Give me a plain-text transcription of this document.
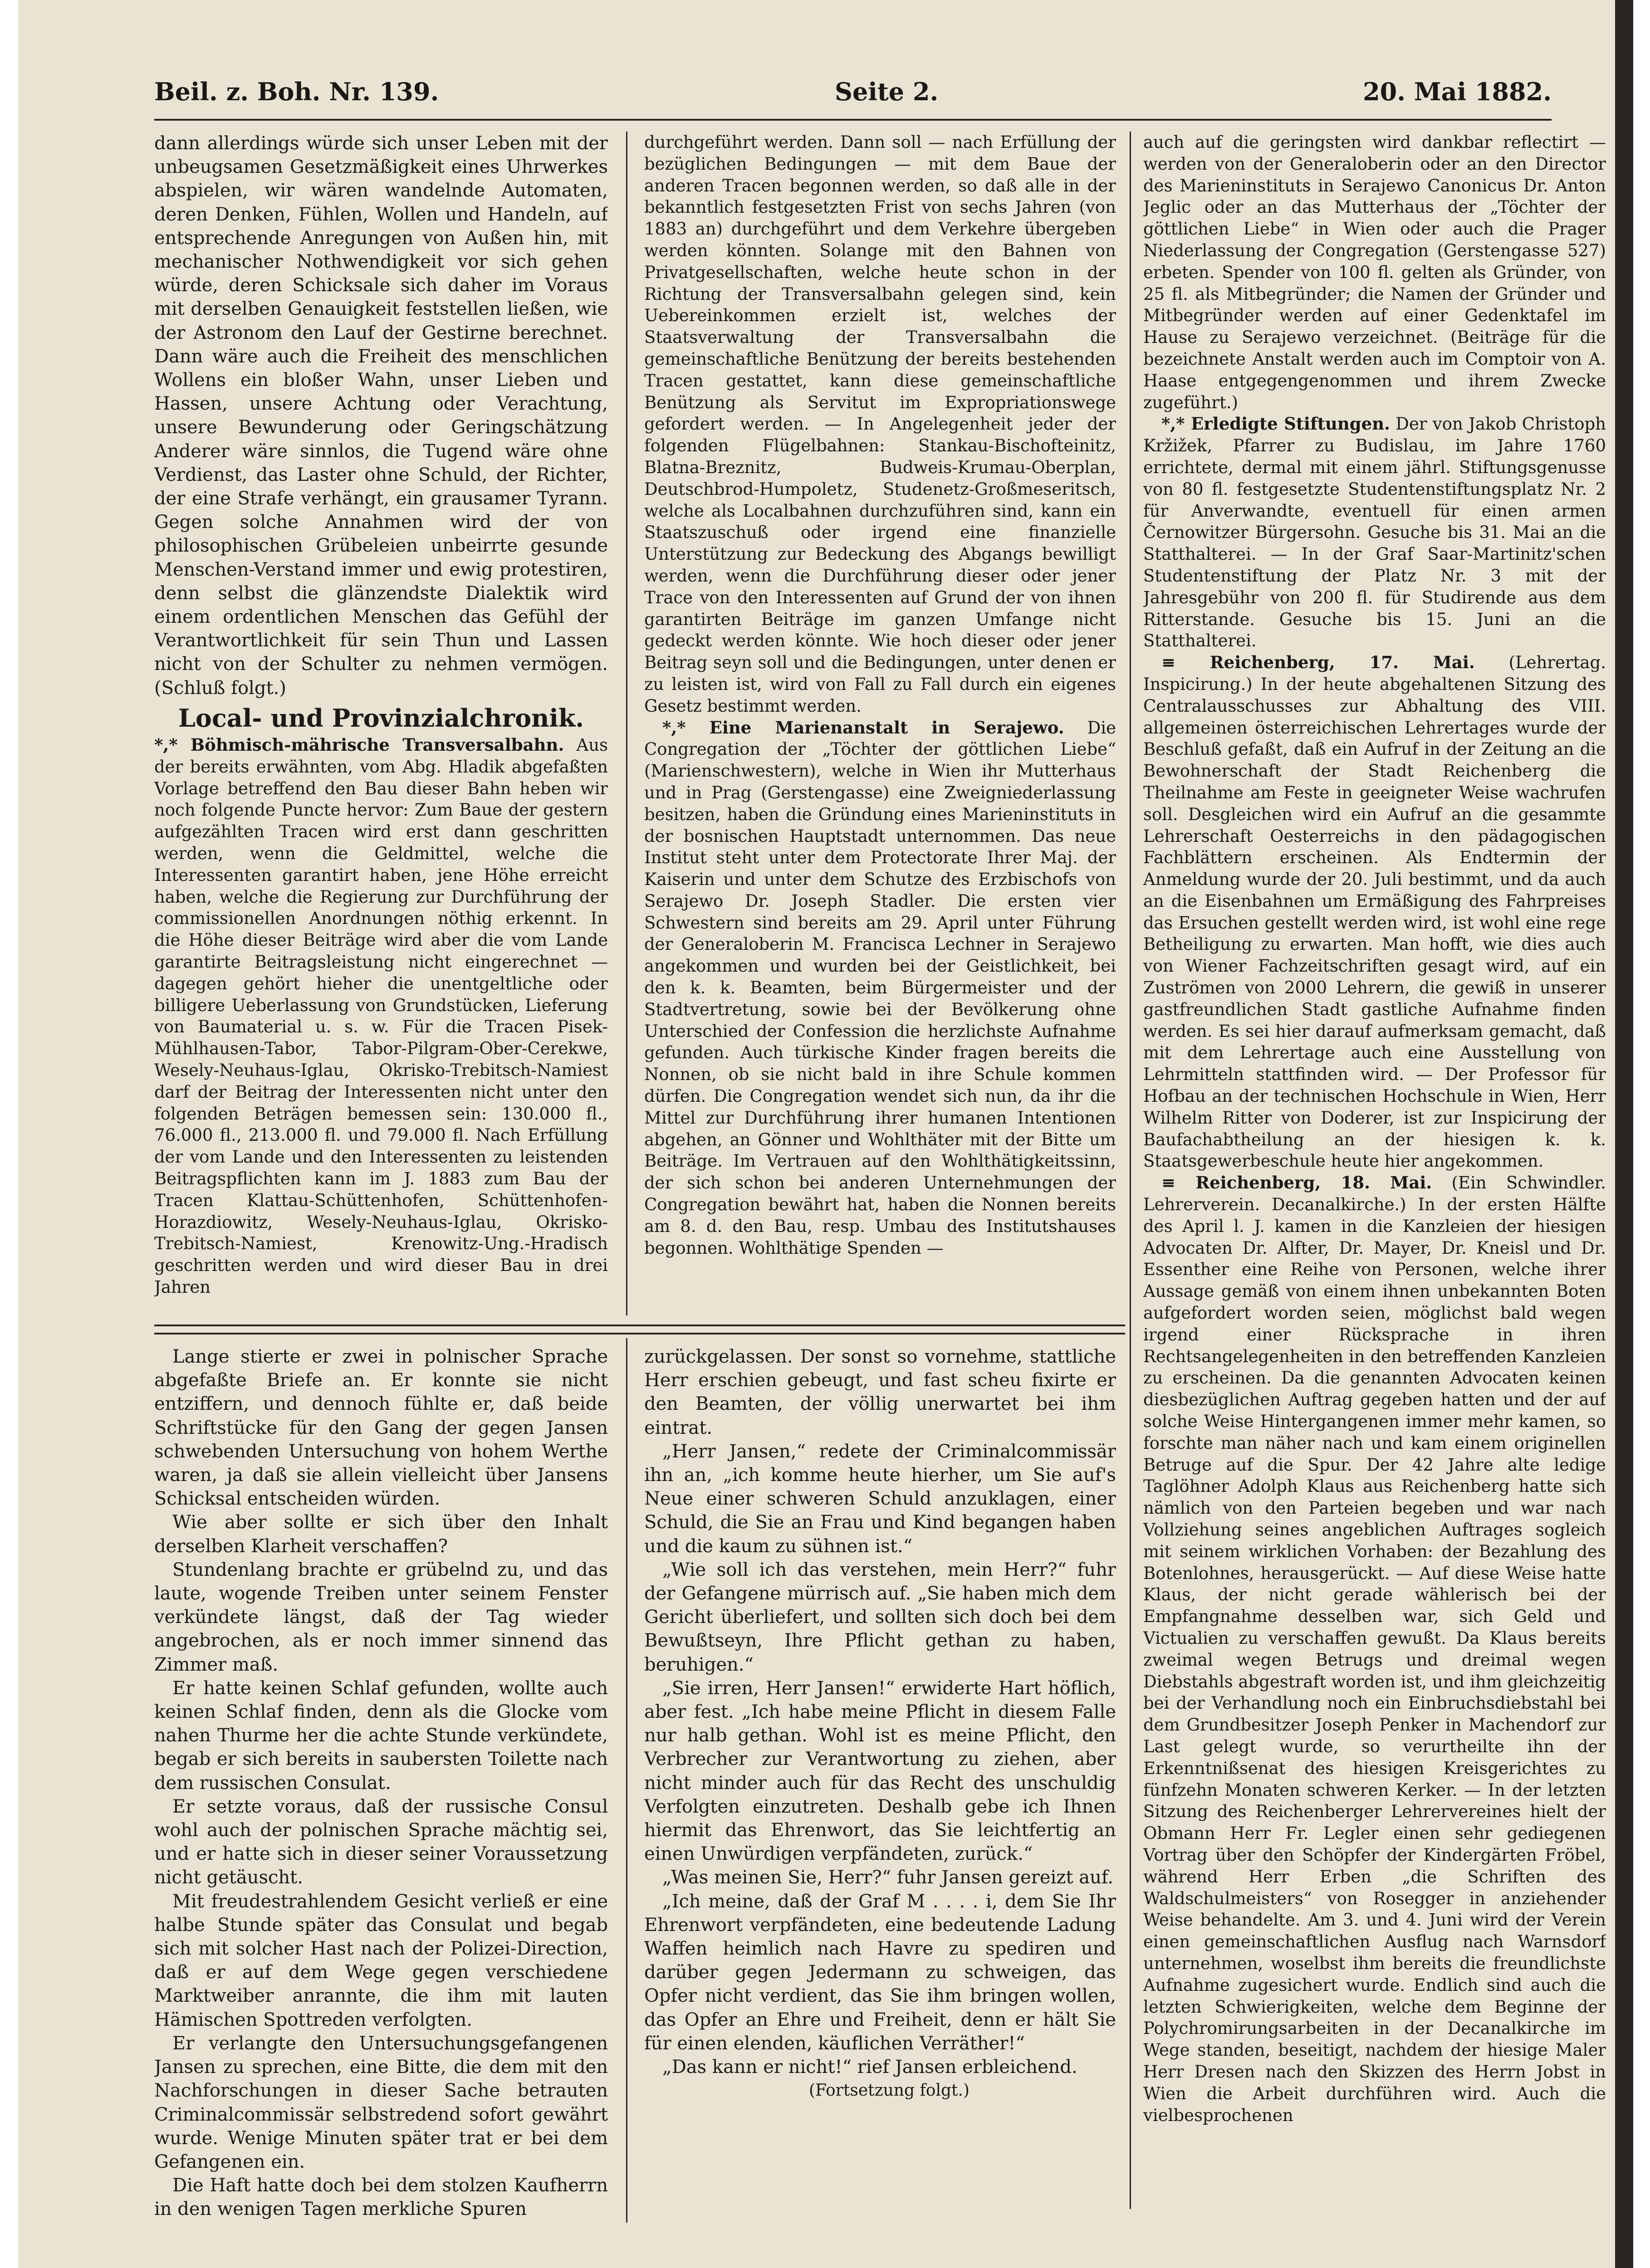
Beil. z. Boh. Nr. 139.	Seite 2.	20. Mai 1882.

dann allerdings würde sich unser Leben mit der unbeugsamen Gesetzmäßigkeit eines Uhrwerkes abspielen, wir wären wandelnde Automaten, deren Denken, Fühlen, Wollen und Handeln, auf entsprechende Anregungen von Außen hin, mit mechanischer Nothwendigkeit vor sich gehen würde, deren Schicksale sich daher im Voraus mit derselben Genauigkeit feststellen ließen, wie der Astronom den Lauf der Gestirne berechnet. Dann wäre auch die Freiheit des menschlichen Wollens ein bloßer Wahn, unser Lieben und Hassen, unsere Achtung oder Verachtung, unsere Bewunderung oder Geringschätzung Anderer wäre sinnlos, die Tugend wäre ohne Verdienst, das Laster ohne Schuld, der Richter, der eine Strafe verhängt, ein grausamer Tyrann. Gegen solche Annahmen wird der von philosophischen Grübeleien unbeirrte gesunde Menschen-Verstand immer und ewig protestiren, denn selbst die glänzendste Dialektik wird einem ordentlichen Menschen das Gefühl der Verantwortlichkeit für sein Thun und Lassen nicht von der Schulter zu nehmen vermögen. (Schluß folgt.)

Local- und Provinzialchronik.

*,* Böhmisch-mährische Transversalbahn. Aus der bereits erwähnten, vom Abg. Hladik abgefaßten Vorlage betreffend den Bau dieser Bahn heben wir noch folgende Puncte hervor: Zum Baue der gestern aufgezählten Tracen wird erst dann geschritten werden, wenn die Geldmittel, welche die Interessenten garantirt haben, jene Höhe erreicht haben, welche die Regierung zur Durchführung der commissionellen Anordnungen nöthig erkennt. In die Höhe dieser Beiträge wird aber die vom Lande garantirte Beitragsleistung nicht eingerechnet — dagegen gehört hieher die unentgeltliche oder billigere Ueberlassung von Grundstücken, Lieferung von Baumaterial u. s. w. Für die Tracen Pisek-Mühlhausen-Tabor, Tabor-Pilgram-Ober-Cerekwe, Wesely-Neuhaus-Iglau, Okrisko-Trebitsch-Namiest darf der Beitrag der Interessenten nicht unter den folgenden Beträgen bemessen sein: 130.000 fl., 76.000 fl., 213.000 fl. und 79.000 fl. Nach Erfüllung der vom Lande und den Interessenten zu leistenden Beitragspflichten kann im J. 1883 zum Bau der Tracen Klattau-Schüttenhofen, Schüttenhofen-Horazdiowitz, Wesely-Neuhaus-Iglau, Okrisko-Trebitsch-Namiest, Krenowitz-Ung.-Hradisch geschritten werden und wird dieser Bau in drei Jahren

durchgeführt werden. Dann soll — nach Erfüllung der bezüglichen Bedingungen — mit dem Baue der anderen Tracen begonnen werden, so daß alle in der bekanntlich festgesetzten Frist von sechs Jahren (von 1883 an) durchgeführt und dem Verkehre übergeben werden könnten. Solange mit den Bahnen von Privatgesellschaften, welche heute schon in der Richtung der Transversalbahn gelegen sind, kein Uebereinkommen erzielt ist, welches der Staatsverwaltung der Transversalbahn die gemeinschaftliche Benützung der bereits bestehenden Tracen gestattet, kann diese gemeinschaftliche Benützung als Servitut im Expropriationswege gefordert werden. — In Angelegenheit jeder der folgenden Flügelbahnen: Stankau-Bischofteinitz, Blatna-Breznitz, Budweis-Krumau-Oberplan, Deutschbrod-Humpoletz, Studenetz-Großmeseritsch, welche als Localbahnen durchzuführen sind, kann ein Staatszuschuß oder irgend eine finanzielle Unterstützung zur Bedeckung des Abgangs bewilligt werden, wenn die Durchführung dieser oder jener Trace von den Interessenten auf Grund der von ihnen garantirten Beiträge im ganzen Umfange nicht gedeckt werden könnte. Wie hoch dieser oder jener Beitrag seyn soll und die Bedingungen, unter denen er zu leisten ist, wird von Fall zu Fall durch ein eigenes Gesetz bestimmt werden.

*,* Eine Marienanstalt in Serajewo. Die Congregation der „Töchter der göttlichen Liebe“ (Marienschwestern), welche in Wien ihr Mutterhaus und in Prag (Gerstengasse) eine Zweigniederlassung besitzen, haben die Gründung eines Marieninstituts in der bosnischen Hauptstadt unternommen. Das neue Institut steht unter dem Protectorate Ihrer Maj. der Kaiserin und unter dem Schutze des Erzbischofs von Serajewo Dr. Joseph Stadler. Die ersten vier Schwestern sind bereits am 29. April unter Führung der Generaloberin M. Francisca Lechner in Serajewo angekommen und wurden bei der Geistlichkeit, bei den k. k. Beamten, beim Bürgermeister und der Stadtvertretung, sowie bei der Bevölkerung ohne Unterschied der Confession die herzlichste Aufnahme gefunden. Auch türkische Kinder fragen bereits die Nonnen, ob sie nicht bald in ihre Schule kommen dürfen. Die Congregation wendet sich nun, da ihr die Mittel zur Durchführung ihrer humanen Intentionen abgehen, an Gönner und Wohlthäter mit der Bitte um Beiträge. Im Vertrauen auf den Wohlthätigkeitssinn, der sich schon bei anderen Unternehmungen der Congregation bewährt hat, haben die Nonnen bereits am 8. d. den Bau, resp. Umbau des Institutshauses begonnen. Wohlthätige Spenden —

auch auf die geringsten wird dankbar reflectirt — werden von der Generaloberin oder an den Director des Marieninstituts in Serajewo Canonicus Dr. Anton Jeglic oder an das Mutterhaus der „Töchter der göttlichen Liebe“ in Wien oder auch die Prager Niederlassung der Congregation (Gerstengasse 527) erbeten. Spender von 100 fl. gelten als Gründer, von 25 fl. als Mitbegründer; die Namen der Gründer und Mitbegründer werden auf einer Gedenktafel im Hause zu Serajewo verzeichnet. (Beiträge für die bezeichnete Anstalt werden auch im Comptoir von A. Haase entgegengenommen und ihrem Zwecke zugeführt.)

*,* Erledigte Stiftungen. Der von Jakob Christoph Kržižek, Pfarrer zu Budislau, im Jahre 1760 errichtete, dermal mit einem jährl. Stiftungsgenusse von 80 fl. festgesetzte Studentenstiftungsplatz Nr. 2 für Anverwandte, eventuell für einen armen Černowitzer Bürgersohn. Gesuche bis 31. Mai an die Statthalterei. — In der Graf Saar-Martinitz'schen Studentenstiftung der Platz Nr. 3 mit der Jahresgebühr von 200 fl. für Studirende aus dem Ritterstande. Gesuche bis 15. Juni an die Statthalterei.

≡ Reichenberg, 17. Mai. (Lehrertag. Inspicirung.) In der heute abgehaltenen Sitzung des Centralausschusses zur Abhaltung des VIII. allgemeinen österreichischen Lehrertages wurde der Beschluß gefaßt, daß ein Aufruf in der Zeitung an die Bewohnerschaft der Stadt Reichenberg die Theilnahme am Feste in geeigneter Weise wachrufen soll. Desgleichen wird ein Aufruf an die gesammte Lehrerschaft Oesterreichs in den pädagogischen Fachblättern erscheinen. Als Endtermin der Anmeldung wurde der 20. Juli bestimmt, und da auch an die Eisenbahnen um Ermäßigung des Fahrpreises das Ersuchen gestellt werden wird, ist wohl eine rege Betheiligung zu erwarten. Man hofft, wie dies auch von Wiener Fachzeitschriften gesagt wird, auf ein Zuströmen von 2000 Lehrern, die gewiß in unserer gastfreundlichen Stadt gastliche Aufnahme finden werden. Es sei hier darauf aufmerksam gemacht, daß mit dem Lehrertage auch eine Ausstellung von Lehrmitteln stattfinden wird. — Der Professor für Hofbau an der technischen Hochschule in Wien, Herr Wilhelm Ritter von Doderer, ist zur Inspicirung der Baufachabtheilung an der hiesigen k. k. Staatsgewerbeschule heute hier angekommen.

≡ Reichenberg, 18. Mai. (Ein Schwindler. Lehrerverein. Decanalkirche.) In der ersten Hälfte des April l. J. kamen in die Kanzleien der hiesigen Advocaten Dr. Alfter, Dr. Mayer, Dr. Kneisl und Dr. Essenther eine Reihe von Personen, welche ihrer Aussage gemäß von einem ihnen unbekannten Boten aufgefordert worden seien, möglichst bald wegen irgend einer Rücksprache in ihren Rechtsangelegenheiten in den betreffenden Kanzleien zu erscheinen. Da die genannten Advocaten keinen diesbezüglichen Auftrag gegeben hatten und der auf solche Weise Hintergangenen immer mehr kamen, so forschte man näher nach und kam einem originellen Betruge auf die Spur. Der 42 Jahre alte ledige Taglöhner Adolph Klaus aus Reichenberg hatte sich nämlich von den Parteien begeben und war nach Vollziehung seines angeblichen Auftrages sogleich mit seinem wirklichen Vorhaben: der Bezahlung des Botenlohnes, herausgerückt. — Auf diese Weise hatte Klaus, der nicht gerade wählerisch bei der Empfangnahme desselben war, sich Geld und Victualien zu verschaffen gewußt. Da Klaus bereits zweimal wegen Betrugs und dreimal wegen Diebstahls abgestraft worden ist, und ihm gleichzeitig bei der Verhandlung noch ein Einbruchsdiebstahl bei dem Grundbesitzer Joseph Penker in Machendorf zur Last gelegt wurde, so verurtheilte ihn der Erkenntnißsenat des hiesigen Kreisgerichtes zu fünfzehn Monaten schweren Kerker. — In der letzten Sitzung des Reichenberger Lehrervereines hielt der Obmann Herr Fr. Legler einen sehr gediegenen Vortrag über den Schöpfer der Kindergärten Fröbel, während Herr Erben „die Schriften des Waldschulmeisters“ von Rosegger in anziehender Weise behandelte. Am 3. und 4. Juni wird der Verein einen gemeinschaftlichen Ausflug nach Warnsdorf unternehmen, woselbst ihm bereits die freundlichste Aufnahme zugesichert wurde. Endlich sind auch die letzten Schwierigkeiten, welche dem Beginne der Polychromirungsarbeiten in der Decanalkirche im Wege standen, beseitigt, nachdem der hiesige Maler Herr Dresen nach den Skizzen des Herrn Jobst in Wien die Arbeit durchführen wird. Auch die vielbesprochenen

Lange stierte er zwei in polnischer Sprache abgefaßte Briefe an. Er konnte sie nicht entziffern, und dennoch fühlte er, daß beide Schriftstücke für den Gang der gegen Jansen schwebenden Untersuchung von hohem Werthe waren, ja daß sie allein vielleicht über Jansens Schicksal entscheiden würden.

Wie aber sollte er sich über den Inhalt derselben Klarheit verschaffen?

Stundenlang brachte er grübelnd zu, und das laute, wogende Treiben unter seinem Fenster verkündete längst, daß der Tag wieder angebrochen, als er noch immer sinnend das Zimmer maß.

Er hatte keinen Schlaf gefunden, wollte auch keinen Schlaf finden, denn als die Glocke vom nahen Thurme her die achte Stunde verkündete, begab er sich bereits in saubersten Toilette nach dem russischen Consulat.

Er setzte voraus, daß der russische Consul wohl auch der polnischen Sprache mächtig sei, und er hatte sich in dieser seiner Voraussetzung nicht getäuscht.

Mit freudestrahlendem Gesicht verließ er eine halbe Stunde später das Consulat und begab sich mit solcher Hast nach der Polizei-Direction, daß er auf dem Wege gegen verschiedene Marktweiber anrannte, die ihm mit lauten Hämischen Spottreden verfolgten.

Er verlangte den Untersuchungsgefangenen Jansen zu sprechen, eine Bitte, die dem mit den Nachforschungen in dieser Sache betrauten Criminalcommissär selbstredend sofort gewährt wurde. Wenige Minuten später trat er bei dem Gefangenen ein.

Die Haft hatte doch bei dem stolzen Kaufherrn in den wenigen Tagen merkliche Spuren

zurückgelassen. Der sonst so vornehme, stattliche Herr erschien gebeugt, und fast scheu fixirte er den Beamten, der völlig unerwartet bei ihm eintrat.

„Herr Jansen,“ redete der Criminalcommissär ihn an, „ich komme heute hierher, um Sie auf's Neue einer schweren Schuld anzuklagen, einer Schuld, die Sie an Frau und Kind begangen haben und die kaum zu sühnen ist.“

„Wie soll ich das verstehen, mein Herr?“ fuhr der Gefangene mürrisch auf. „Sie haben mich dem Gericht überliefert, und sollten sich doch bei dem Bewußtseyn, Ihre Pflicht gethan zu haben, beruhigen.“

„Sie irren, Herr Jansen!“ erwiderte Hart höflich, aber fest. „Ich habe meine Pflicht in diesem Falle nur halb gethan. Wohl ist es meine Pflicht, den Verbrecher zur Verantwortung zu ziehen, aber nicht minder auch für das Recht des unschuldig Verfolgten einzutreten. Deshalb gebe ich Ihnen hiermit das Ehrenwort, das Sie leichtfertig an einen Unwürdigen verpfändeten, zurück.“

„Was meinen Sie, Herr?“ fuhr Jansen gereizt auf.

„Ich meine, daß der Graf M . . . . i, dem Sie Ihr Ehrenwort verpfändeten, eine bedeutende Ladung Waffen heimlich nach Havre zu spediren und darüber gegen Jedermann zu schweigen, das Opfer nicht verdient, das Sie ihm bringen wollen, das Opfer an Ehre und Freiheit, denn er hält Sie für einen elenden, käuflichen Verräther!“

„Das kann er nicht!“ rief Jansen erbleichend.

(Fortsetzung folgt.)
